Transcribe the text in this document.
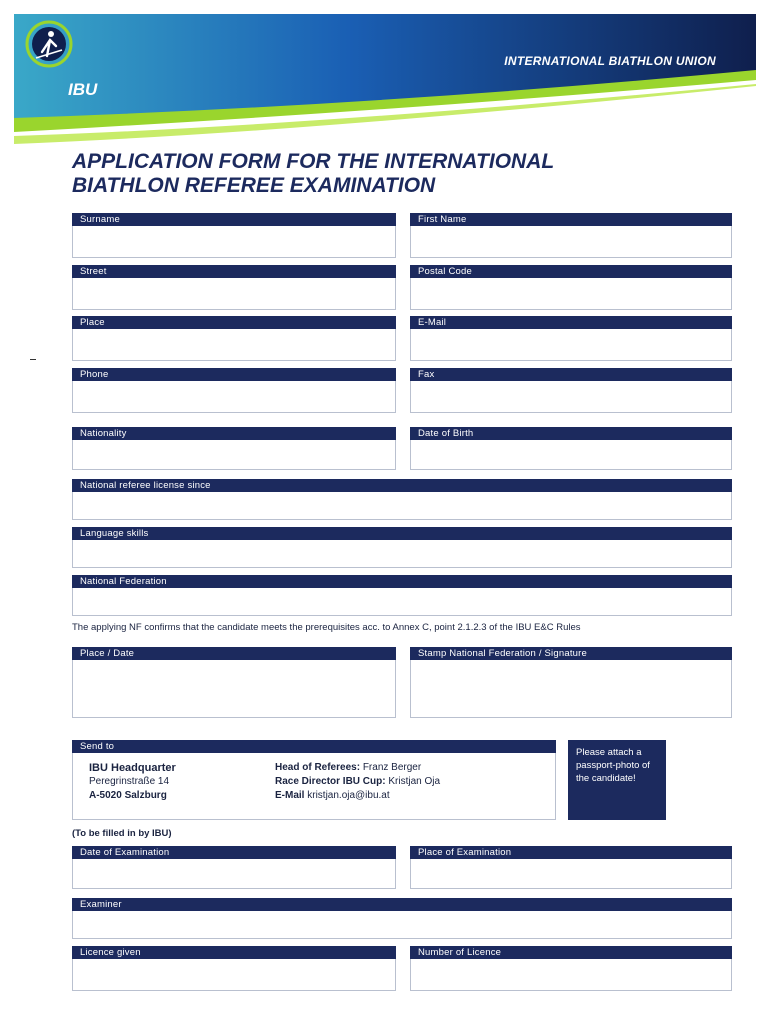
IBU
INTERNATIONAL BIATHLON UNION
APPLICATION FORM FOR THE INTERNATIONAL
BIATHLON REFEREE EXAMINATION
Surname	First Name
Street	Postal Code
Place	E-Mail
Phone	Fax
Nationality	Date of Birth
National referee license since
Language skills
National Federation
The applying NF confirms that the candidate meets the prerequisites acc. to Annex C, point 2.1.2.3 of the IBU E&C Rules
Place / Date	Stamp National Federation / Signature
Send to
IBU Headquarter
Peregrinstraße 14
A-5020 Salzburg
Head of Referees: Franz Berger
Race Director IBU Cup: Kristjan Oja
E-Mail kristjan.oja@ibu.at
Please attach a passport-photo of the candidate!
(To be filled in by IBU)
Date of Examination	Place of Examination
Examiner
Licence given	Number of Licence
